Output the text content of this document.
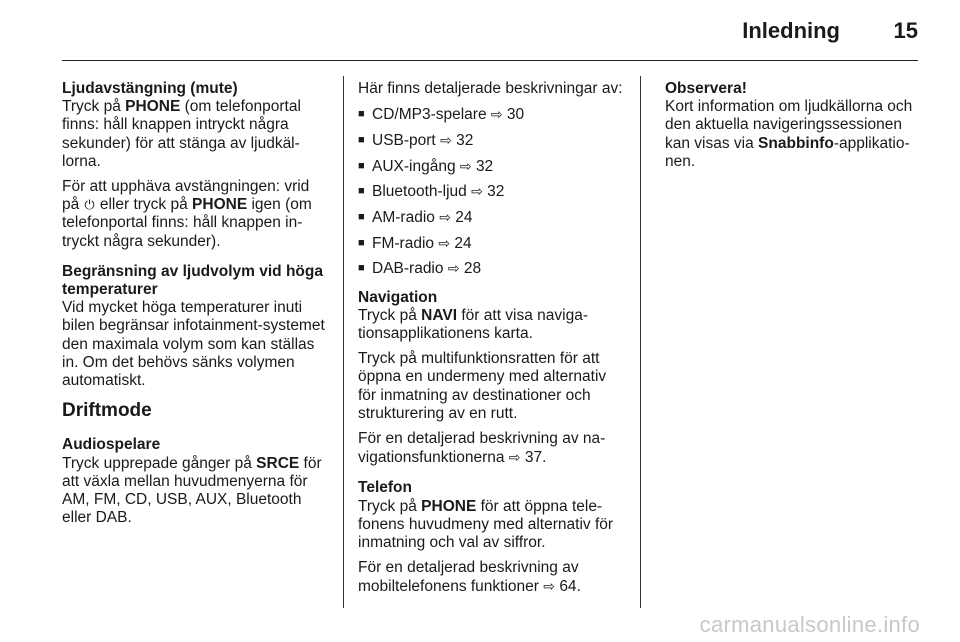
Inledning 15
Ljudavstängning (mute)

Tryck på PHONE (om telefonportal finns: håll knappen intryckt några sekunder) för att stänga av ljudkäl-lorna.

För att upphäva avstängningen: vrid på ⏻ eller tryck på PHONE igen (om telefonportal finns: håll knappen in-tryckt några sekunder).

Begränsning av ljudvolym vid höga temperaturer

Vid mycket höga temperaturer inuti bilen begränsar infotainment-systemet den maximala volym som kan ställas in. Om det behövs sänks volymen automatiskt.

Driftmode
Audiospelare

Tryck upprepade gånger på SRCE för att växla mellan huvudmenyerna för AM, FM, CD, USB, AUX, Bluetooth eller DAB.

Här finns detaljerade beskrivningar av:

■ CD/MP3-spelare ⇨ 30
■ USB-port ⇨ 32
■ AUX-ingång ⇨ 32
■ Bluetooth-ljud ⇨ 32
■ AM-radio ⇨ 24
■ FM-radio ⇨ 24
■ DAB-radio ⇨ 28
Navigation

Tryck på NAVI för att visa naviga-tionsapplikationens karta.

Tryck på multifunktionsratten för att öppna en undermeny med alternativ för inmatning av destinationer och strukturering av en rutt.

För en detaljerad beskrivning av na-vigationsfunktionerna ⇨ 37.

Telefon

Tryck på PHONE för att öppna tele-fonens huvudmeny med alternativ för inmatning och val av siffror.

För en detaljerad beskrivning av mobiltelefonens funktioner ⇨ 64.

Observera!

Kort information om ljudkällorna och den aktuella navigeringssessionen kan visas via Snabbinfo-applikatio-nen.

carmanualsonline.info
